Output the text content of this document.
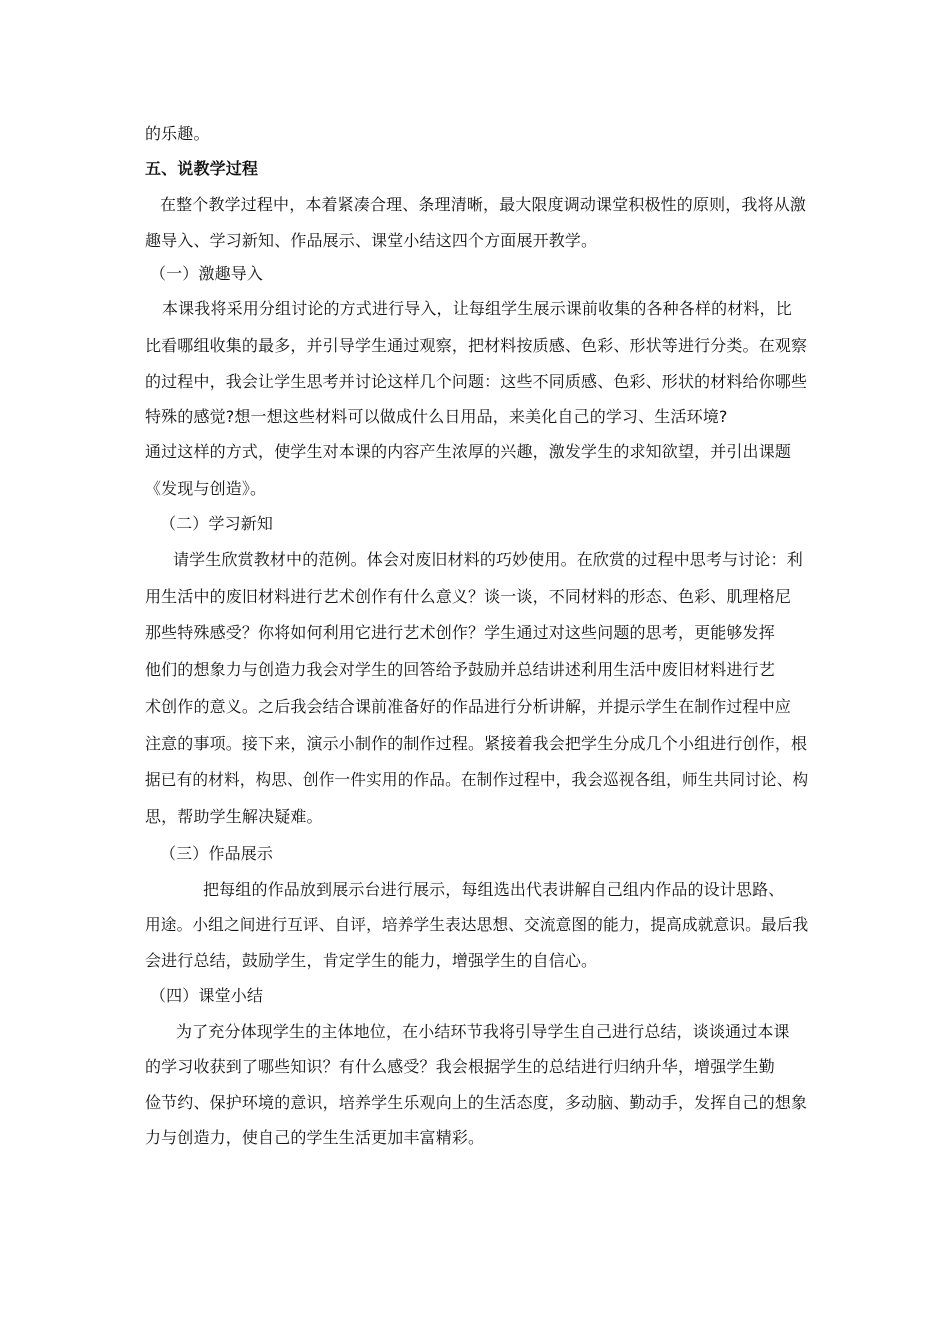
的乐趣。
五、说教学过程
在整个教学过程中，本着紧凑合理、条理清晰，最大限度调动课堂积极性的原则，我将从激
趣导入、学习新知、作品展示、课堂小结这四个方面展开教学。
（一）激趣导入
本课我将采用分组讨论的方式进行导入，让每组学生展示课前收集的各种各样的材料，比
比看哪组收集的最多，并引导学生通过观察，把材料按质感、色彩、形状等进行分类。在观察
的过程中，我会让学生思考并讨论这样几个问题：这些不同质感、色彩、形状的材料给你哪些
特殊的感觉?想一想这些材料可以做成什么日用品，来美化自己的学习、生活环境?
通过这样的方式，使学生对本课的内容产生浓厚的兴趣，激发学生的求知欲望，并引出课题
《发现与创造》。
（二）学习新知
请学生欣赏教材中的范例。体会对废旧材料的巧妙使用。在欣赏的过程中思考与讨论：利
用生活中的废旧材料进行艺术创作有什么意义？谈一谈，不同材料的形态、色彩、肌理格尼
那些特殊感受？你将如何利用它进行艺术创作？学生通过对这些问题的思考，更能够发挥
他们的想象力与创造力我会对学生的回答给予鼓励并总结讲述利用生活中废旧材料进行艺
术创作的意义。之后我会结合课前准备好的作品进行分析讲解，并提示学生在制作过程中应
注意的事项。接下来，演示小制作的制作过程。紧接着我会把学生分成几个小组进行创作，根
据已有的材料，构思、创作一件实用的作品。在制作过程中，我会巡视各组，师生共同讨论、构
思，帮助学生解决疑难。
（三）作品展示
把每组的作品放到展示台进行展示，每组选出代表讲解自己组内作品的设计思路、
用途。小组之间进行互评、自评，培养学生表达思想、交流意图的能力，提高成就意识。最后我
会进行总结，鼓励学生，肯定学生的能力，增强学生的自信心。
（四）课堂小结
为了充分体现学生的主体地位，在小结环节我将引导学生自己进行总结，谈谈通过本课
的学习收获到了哪些知识？有什么感受？我会根据学生的总结进行归纳升华，增强学生勤
俭节约、保护环境的意识，培养学生乐观向上的生活态度，多动脑、勤动手，发挥自己的想象
力与创造力，使自己的学生生活更加丰富精彩。
